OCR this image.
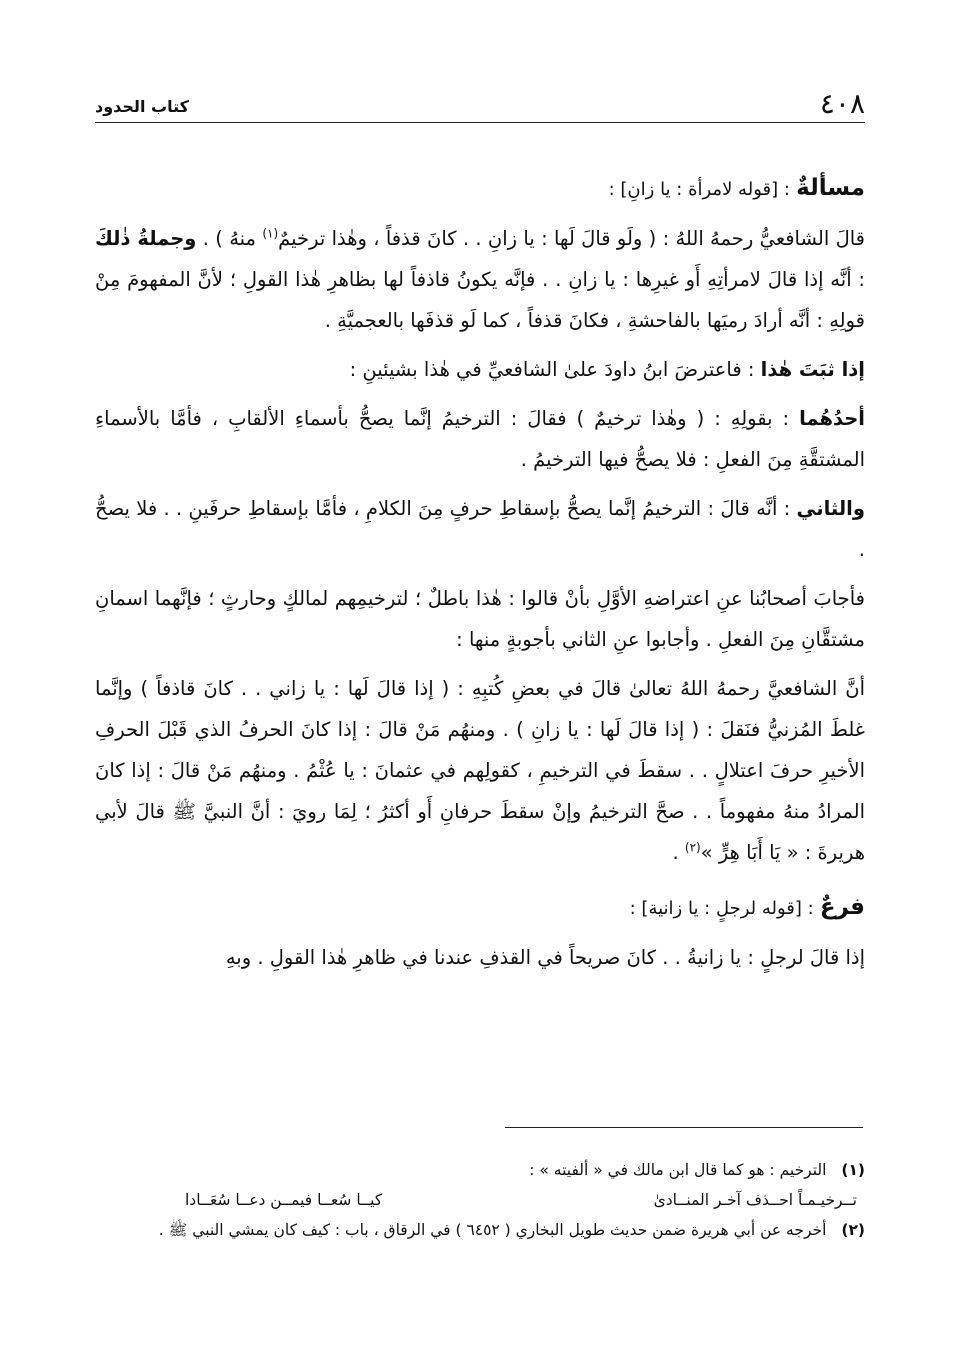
كتاب الحدود	٤٠٨

مسألةٌ : [قوله لامرأة : يا زانِ] :

قالَ الشافعيُّ رحمهُ اللهُ : ( ولَو قالَ لَها : يا زانِ . . كانَ قذفاً ، وهٰذا ترخيمٌ$^{(١)}$ منهُ ) . وجملةُ ذٰلكَ : أنَّه إذا قالَ لامرأتِهِ أَو غيرِها : يا زانِ . . فإنَّه يكونُ قاذفاً لها بظاهرِ هٰذا القولِ ؛ لأنَّ المفهومَ مِنْ قولِهِ : أنَّه أرادَ رميَها بالفاحشةِ ، فكانَ قذفاً ، كما لَو قذفَها بالعجميَّةِ .

إذا ثبَتَ هٰذا : فاعترضَ ابنُ داودَ علىٰ الشافعيِّ في هٰذا بشيئينِ :

أحدُهُما : بقولِهِ : ( وهٰذا ترخيمٌ ) فقالَ : الترخيمُ إنَّما يصحُّ بأسماءِ الألقابِ ، فأمَّا بالأسماءِ المشتقَّةِ مِنَ الفعلِ : فلا يصحُّ فيها الترخيمُ .

والثاني : أنَّه قالَ : الترخيمُ إنَّما يصحُّ بإسقاطِ حرفٍ مِنَ الكلامِ ، فأمَّا بإسقاطِ حرفَينِ . . فلا يصحُّ .

فأجابَ أصحابُنا عنِ اعتراضهِ الأوَّلِ بأنْ قالوا : هٰذا باطلٌ ؛ لترخيمِهم لمالكٍ وحارثٍ ؛ فإنَّهما اسمانِ مشتقَّانِ مِنَ الفعلِ . وأجابوا عنِ الثاني بأجوبةٍ منها :

أنَّ الشافعيَّ رحمهُ اللهُ تعالىٰ قالَ في بعضِ كُتبِهِ : ( إذا قالَ لَها : يا زاني . . كانَ قاذفاً ) وإنَّما غلطَ المُزنيُّ فنَقلَ : ( إذا قالَ لَها : يا زانِ ) . ومنهُم مَنْ قالَ : إذا كانَ الحرفُ الذي قَبْلَ الحرفِ الأخيرِ حرفَ اعتلالٍ . . سقطَ في الترخيمِ ، كقولِهم في عثمانَ : يا عُثْمُ . ومنهُم مَنْ قالَ : إذا كانَ المرادُ منهُ مفهوماً . . صحَّ الترخيمُ وإنْ سقطَ حرفانِ أَو أكثرُ ؛ لِمَا رويَ : أنَّ النبيَّ ﷺ قالَ لأبي هريرةَ : « يَا أَبَا هِرٍّ »$^{(٢)}$ .

فرعٌ : [قوله لرجلٍ : يا زانية] :

إذا قالَ لرجلٍ : يا زانيةُ . . كانَ صريحاً في القذفِ عندنا في ظاهرِ هٰذا القولِ . وبهِ

(١) الترخيم : هو كما قال ابن مالك في « ألفيته » :

تــرخيـمـاً احــذف آخـر المنــادىٰ
كيــا سُعــا فيمــن دعــا سُعَــادا

(٢) أخرجه عن أبي هريرة ضمن حديث طويل البخاري ( ٦٤٥٢ ) في الرقاق ، باب : كيف كان يمشي النبي ﷺ .
